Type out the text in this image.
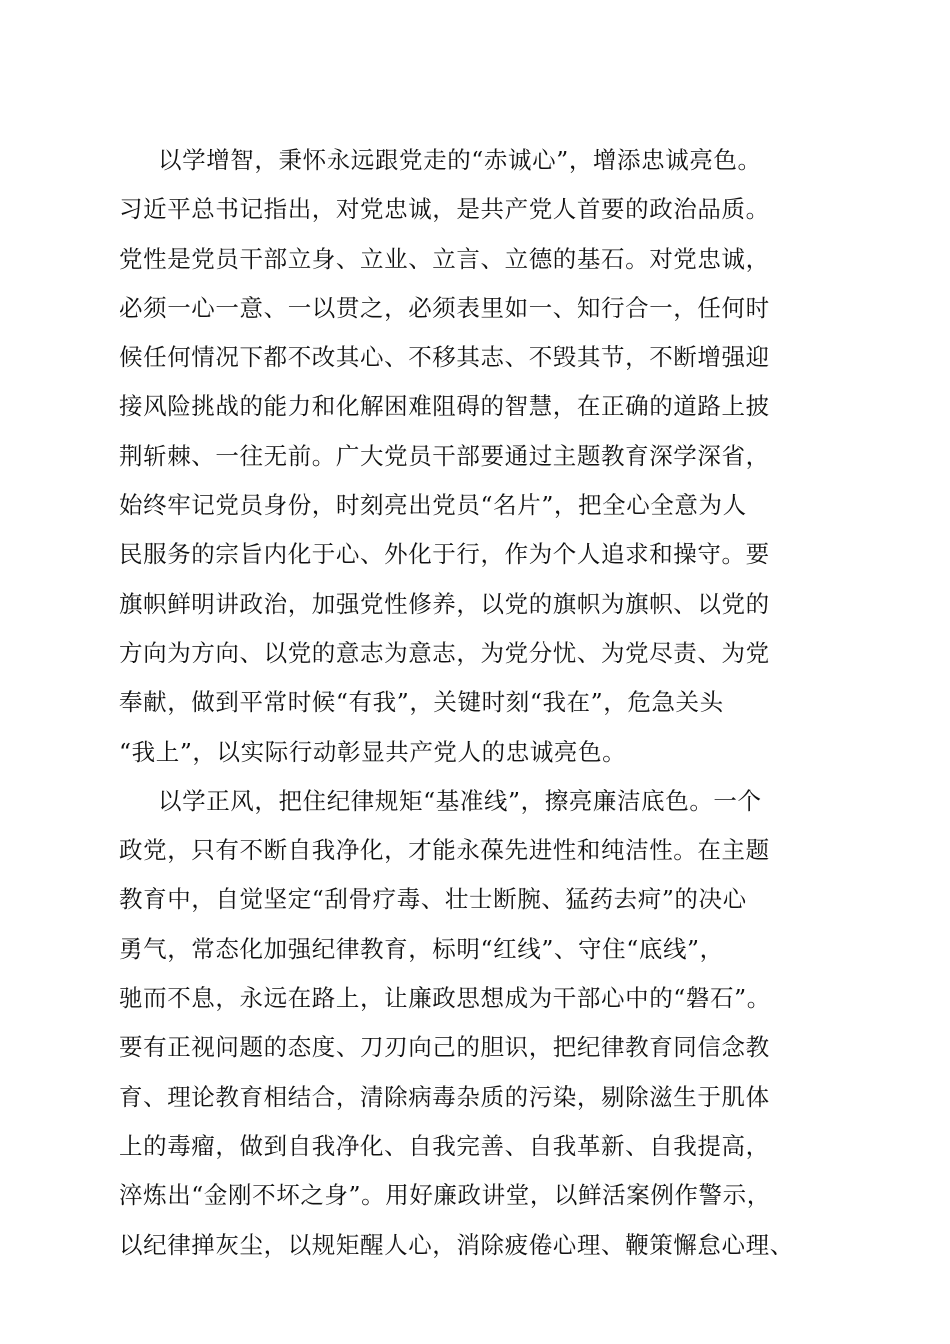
以学增智，秉怀永远跟党走的“赤诚心”，增添忠诚亮色。
习近平总书记指出，对党忠诚，是共产党人首要的政治品质。
党性是党员干部立身、立业、立言、立德的基石。对党忠诚，
必须一心一意、一以贯之，必须表里如一、知行合一，任何时
候任何情况下都不改其心、不移其志、不毁其节，不断增强迎
接风险挑战的能力和化解困难阻碍的智慧，在正确的道路上披
荆斩棘、一往无前。广大党员干部要通过主题教育深学深省，
始终牢记党员身份，时刻亮出党员“名片”，把全心全意为人
民服务的宗旨内化于心、外化于行，作为个人追求和操守。要
旗帜鲜明讲政治，加强党性修养，以党的旗帜为旗帜、以党的
方向为方向、以党的意志为意志，为党分忧、为党尽责、为党
奉献，做到平常时候“有我”，关键时刻“我在”，危急关头
“我上”，以实际行动彰显共产党人的忠诚亮色。
以学正风，把住纪律规矩“基准线”，擦亮廉洁底色。一个
政党，只有不断自我净化，才能永葆先进性和纯洁性。在主题
教育中，自觉坚定“刮骨疗毒、壮士断腕、猛药去疴”的决心
勇气，常态化加强纪律教育，标明“红线”、守住“底线”，
驰而不息，永远在路上，让廉政思想成为干部心中的“磐石”。
要有正视问题的态度、刀刃向己的胆识，把纪律教育同信念教
育、理论教育相结合，清除病毒杂质的污染，剔除滋生于肌体
上的毒瘤，做到自我净化、自我完善、自我革新、自我提高，
淬炼出“金刚不坏之身”。用好廉政讲堂，以鲜活案例作警示，
以纪律掸灰尘，以规矩醒人心，消除疲倦心理、鞭策懈怠心理、
